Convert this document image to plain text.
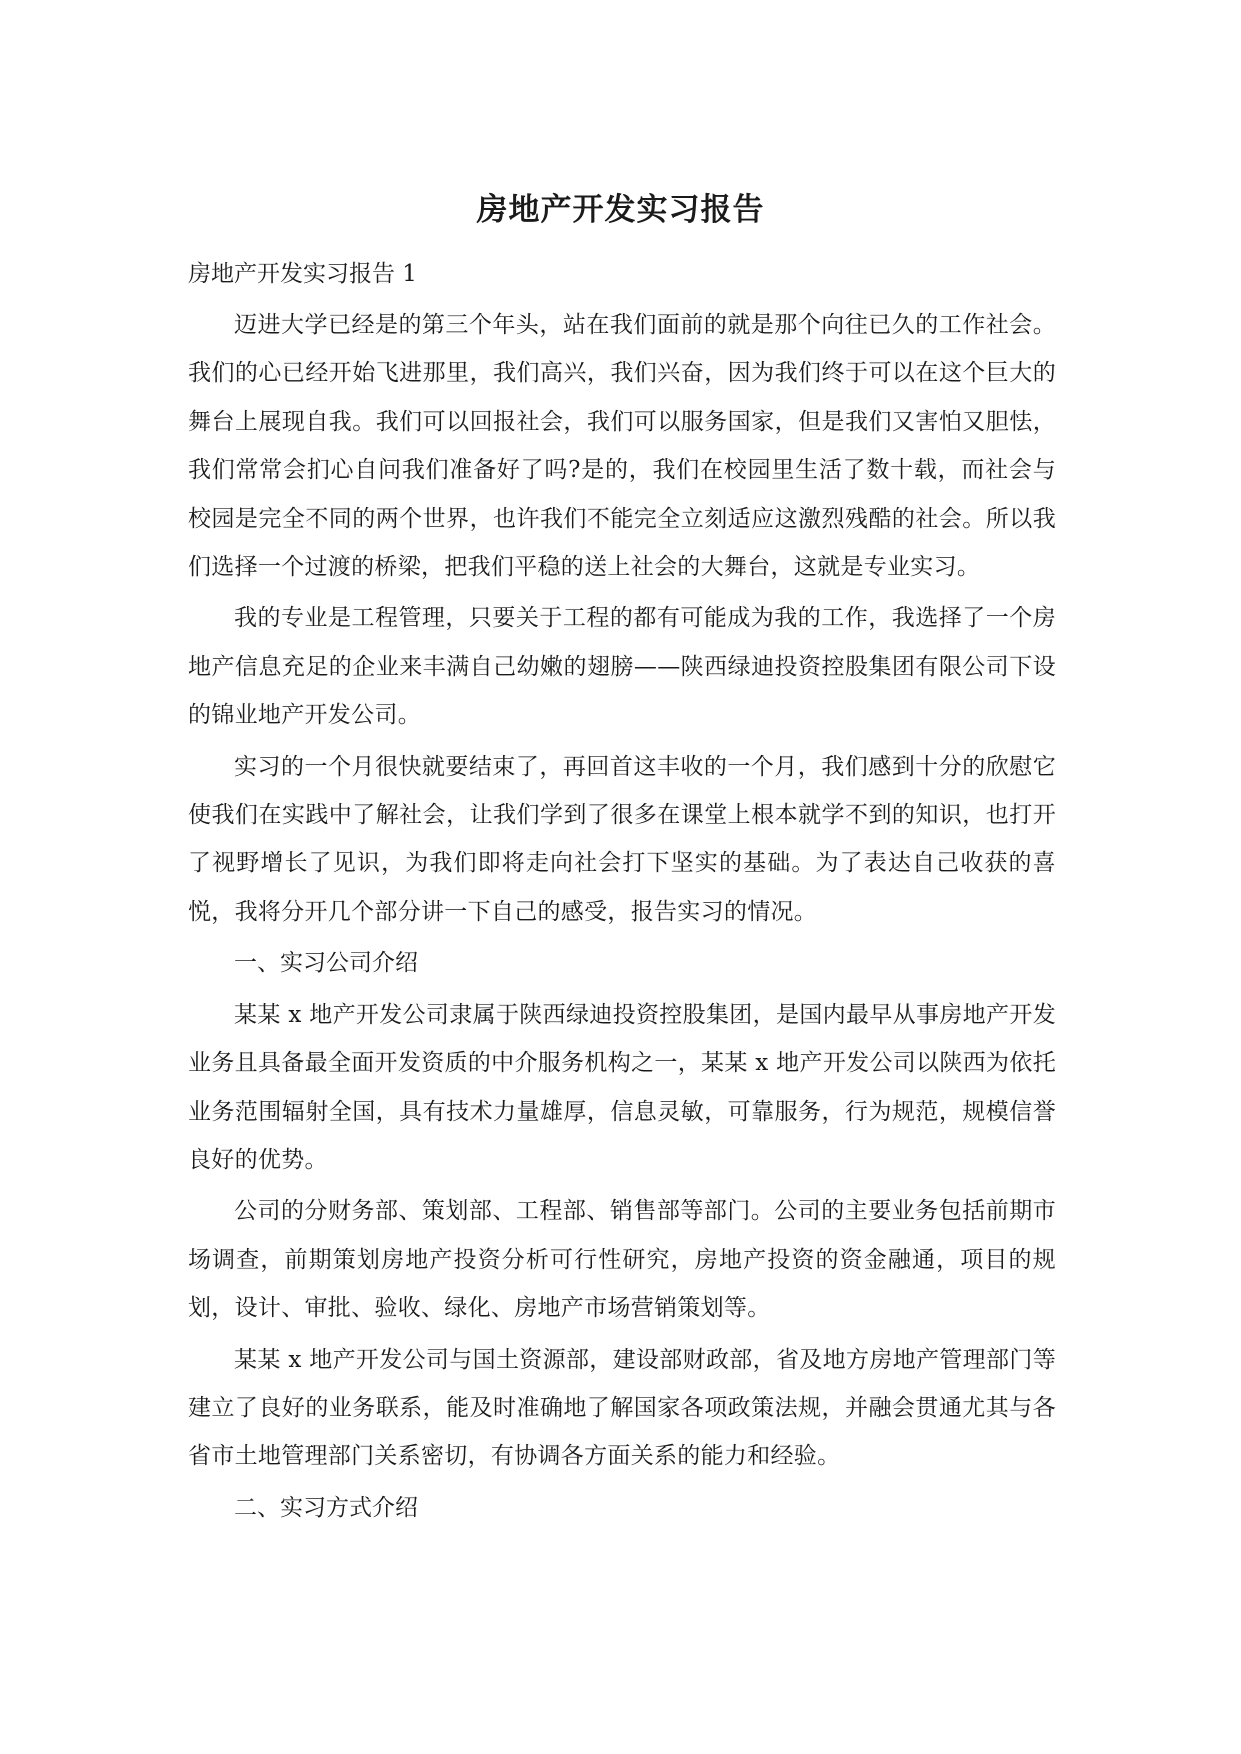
房地产开发实习报告

房地产开发实习报告 1

迈进大学已经是的第三个年头，站在我们面前的就是那个向往已久的工作社会。我们的心已经开始飞进那里，我们高兴，我们兴奋，因为我们终于可以在这个巨大的舞台上展现自我。我们可以回报社会，我们可以服务国家，但是我们又害怕又胆怯，我们常常会扪心自问我们准备好了吗?是的，我们在校园里生活了数十载，而社会与校园是完全不同的两个世界，也许我们不能完全立刻适应这激烈残酷的社会。所以我们选择一个过渡的桥梁，把我们平稳的送上社会的大舞台，这就是专业实习。

我的专业是工程管理，只要关于工程的都有可能成为我的工作，我选择了一个房地产信息充足的企业来丰满自己幼嫩的翅膀——陕西绿迪投资控股集团有限公司下设的锦业地产开发公司。

实习的一个月很快就要结束了，再回首这丰收的一个月，我们感到十分的欣慰它使我们在实践中了解社会，让我们学到了很多在课堂上根本就学不到的知识，也打开了视野增长了见识，为我们即将走向社会打下坚实的基础。为了表达自己收获的喜悦，我将分开几个部分讲一下自己的感受，报告实习的情况。

一、实习公司介绍

某某 x 地产开发公司隶属于陕西绿迪投资控股集团，是国内最早从事房地产开发业务且具备最全面开发资质的中介服务机构之一，某某 x 地产开发公司以陕西为依托业务范围辐射全国，具有技术力量雄厚，信息灵敏，可靠服务，行为规范，规模信誉良好的优势。

公司的分财务部、策划部、工程部、销售部等部门。公司的主要业务包括前期市场调查，前期策划房地产投资分析可行性研究，房地产投资的资金融通，项目的规划，设计、审批、验收、绿化、房地产市场营销策划等。

某某 x 地产开发公司与国土资源部，建设部财政部，省及地方房地产管理部门等建立了良好的业务联系，能及时准确地了解国家各项政策法规，并融会贯通尤其与各省市土地管理部门关系密切，有协调各方面关系的能力和经验。

二、实习方式介绍
